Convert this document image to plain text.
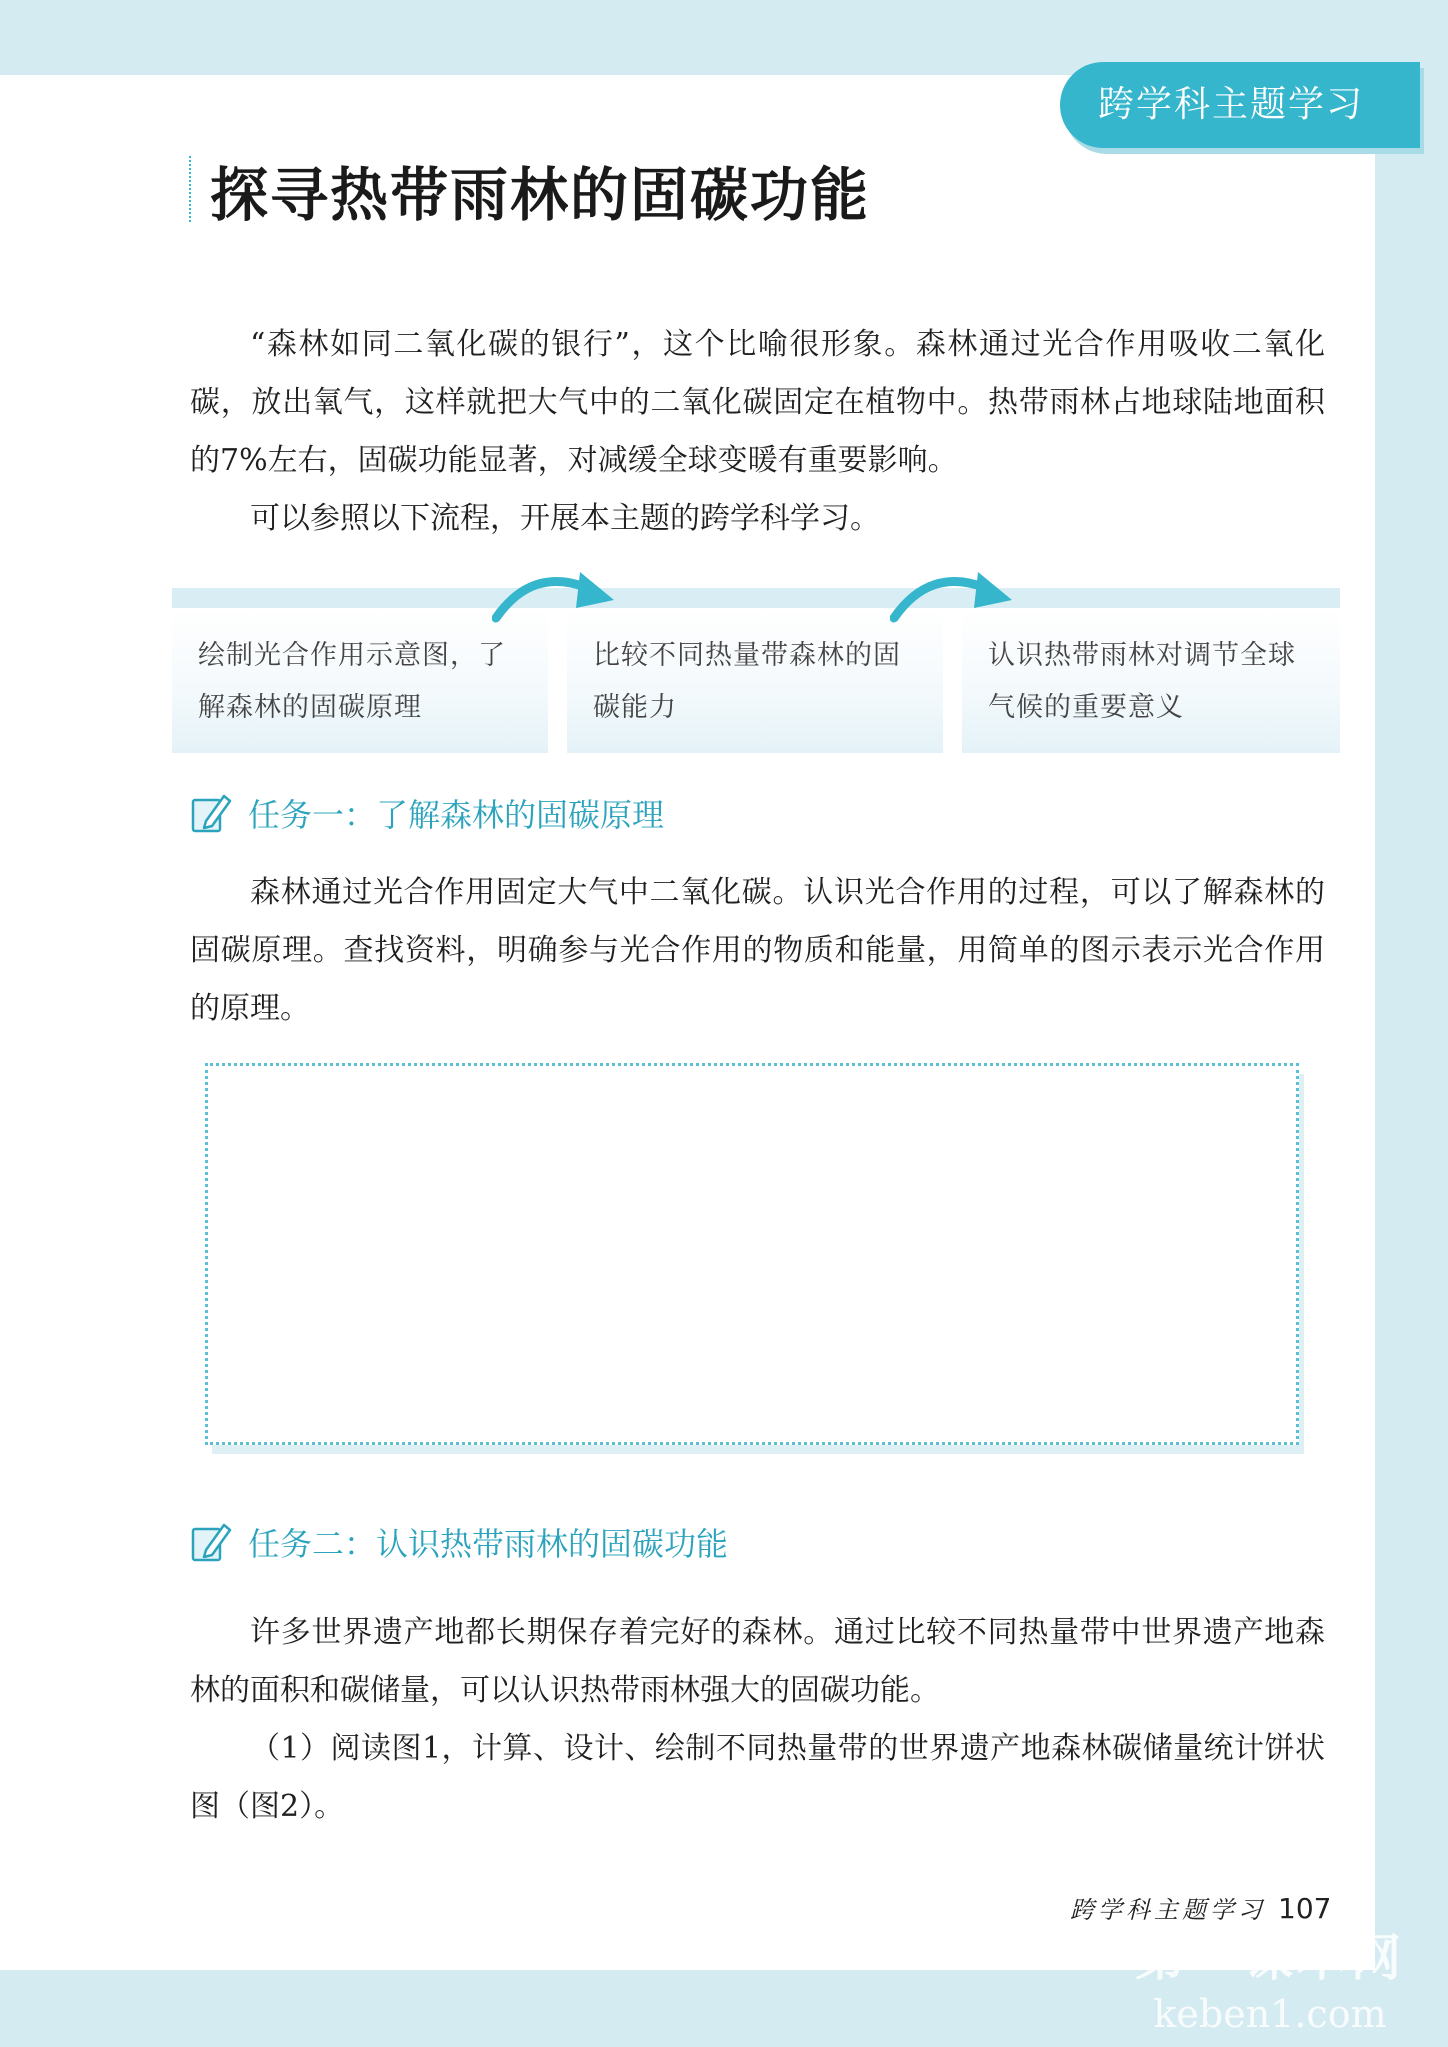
跨学科主题学习
探寻热带雨林的固碳功能

“森林如同二氧化碳的银行”，这个比喻很形象。森林通过光合作用吸收二氧化碳，放出氧气，这样就把大气中的二氧化碳固定在植物中。热带雨林占地球陆地面积的7%左右，固碳功能显著，对减缓全球变暖有重要影响。

可以参照以下流程，开展本主题的跨学科学习。

绘制光合作用示意图，了解森林的固碳原理
比较不同热量带森林的固碳能力
认识热带雨林对调节全球气候的重要意义
任务一：了解森林的固碳原理

森林通过光合作用固定大气中二氧化碳。认识光合作用的过程，可以了解森林的固碳原理。查找资料，明确参与光合作用的物质和能量，用简单的图示表示光合作用的原理。

任务二：认识热带雨林的固碳功能

许多世界遗产地都长期保存着完好的森林。通过比较不同热量带中世界遗产地森林的面积和碳储量，可以认识热带雨林强大的固碳功能。

（1）阅读图1，计算、设计、绘制不同热量带的世界遗产地森林碳储量统计饼状图（图2）。

跨学科主题学习 107
第一课本网
keben1.com
